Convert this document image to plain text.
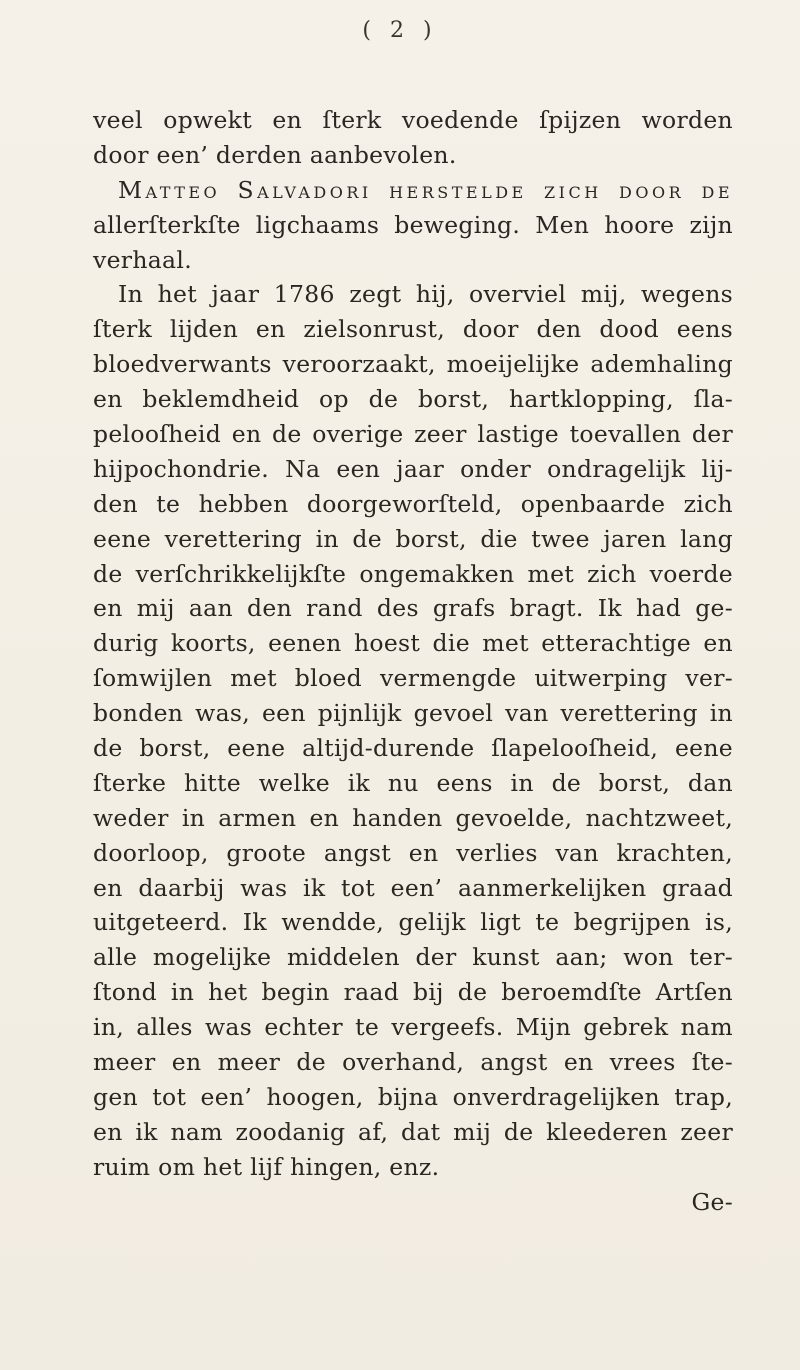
( 2 )
veel opwekt en ſterk voedende ſpijzen worden
door een’ derden aanbevolen.
Matteo Salvadori herſtelde zich door de
allerſterkſte ligchaams beweging. Men hoore zijn
verhaal.
In het jaar 1786 zegt hij, overviel mij, wegens
ſterk lijden en zielsonrust, door den dood eens
bloedverwants veroorzaakt, moeijelijke ademhaling
en beklemdheid op de borst, hartklopping, ſla-
pelooſheid en de overige zeer lastige toevallen der
hijpochondrie. Na een jaar onder ondragelijk lij-
den te hebben doorgeworſteld, openbaarde zich
eene verettering in de borst, die twee jaren lang
de verſchrikkelijkſte ongemakken met zich voerde
en mij aan den rand des grafs bragt. Ik had ge-
durig koorts, eenen hoest die met etterachtige en
ſomwijlen met bloed vermengde uitwerping ver-
bonden was, een pijnlijk gevoel van verettering in
de borst, eene altijd-durende ſlapelooſheid, eene
ſterke hitte welke ik nu eens in de borst, dan
weder in armen en handen gevoelde, nachtzweet,
doorloop, groote angst en verlies van krachten,
en daarbij was ik tot een’ aanmerkelijken graad
uitgeteerd. Ik wendde, gelijk ligt te begrijpen is,
alle mogelijke middelen der kunst aan; won ter-
ſtond in het begin raad bij de beroemdſte Artſen
in, alles was echter te vergeefs. Mijn gebrek nam
meer en meer de overhand, angst en vrees ſte-
gen tot een’ hoogen, bijna onverdragelijken trap,
en ik nam zoodanig af, dat mij de kleederen zeer
ruim om het lijf hingen, enz.
Ge-
